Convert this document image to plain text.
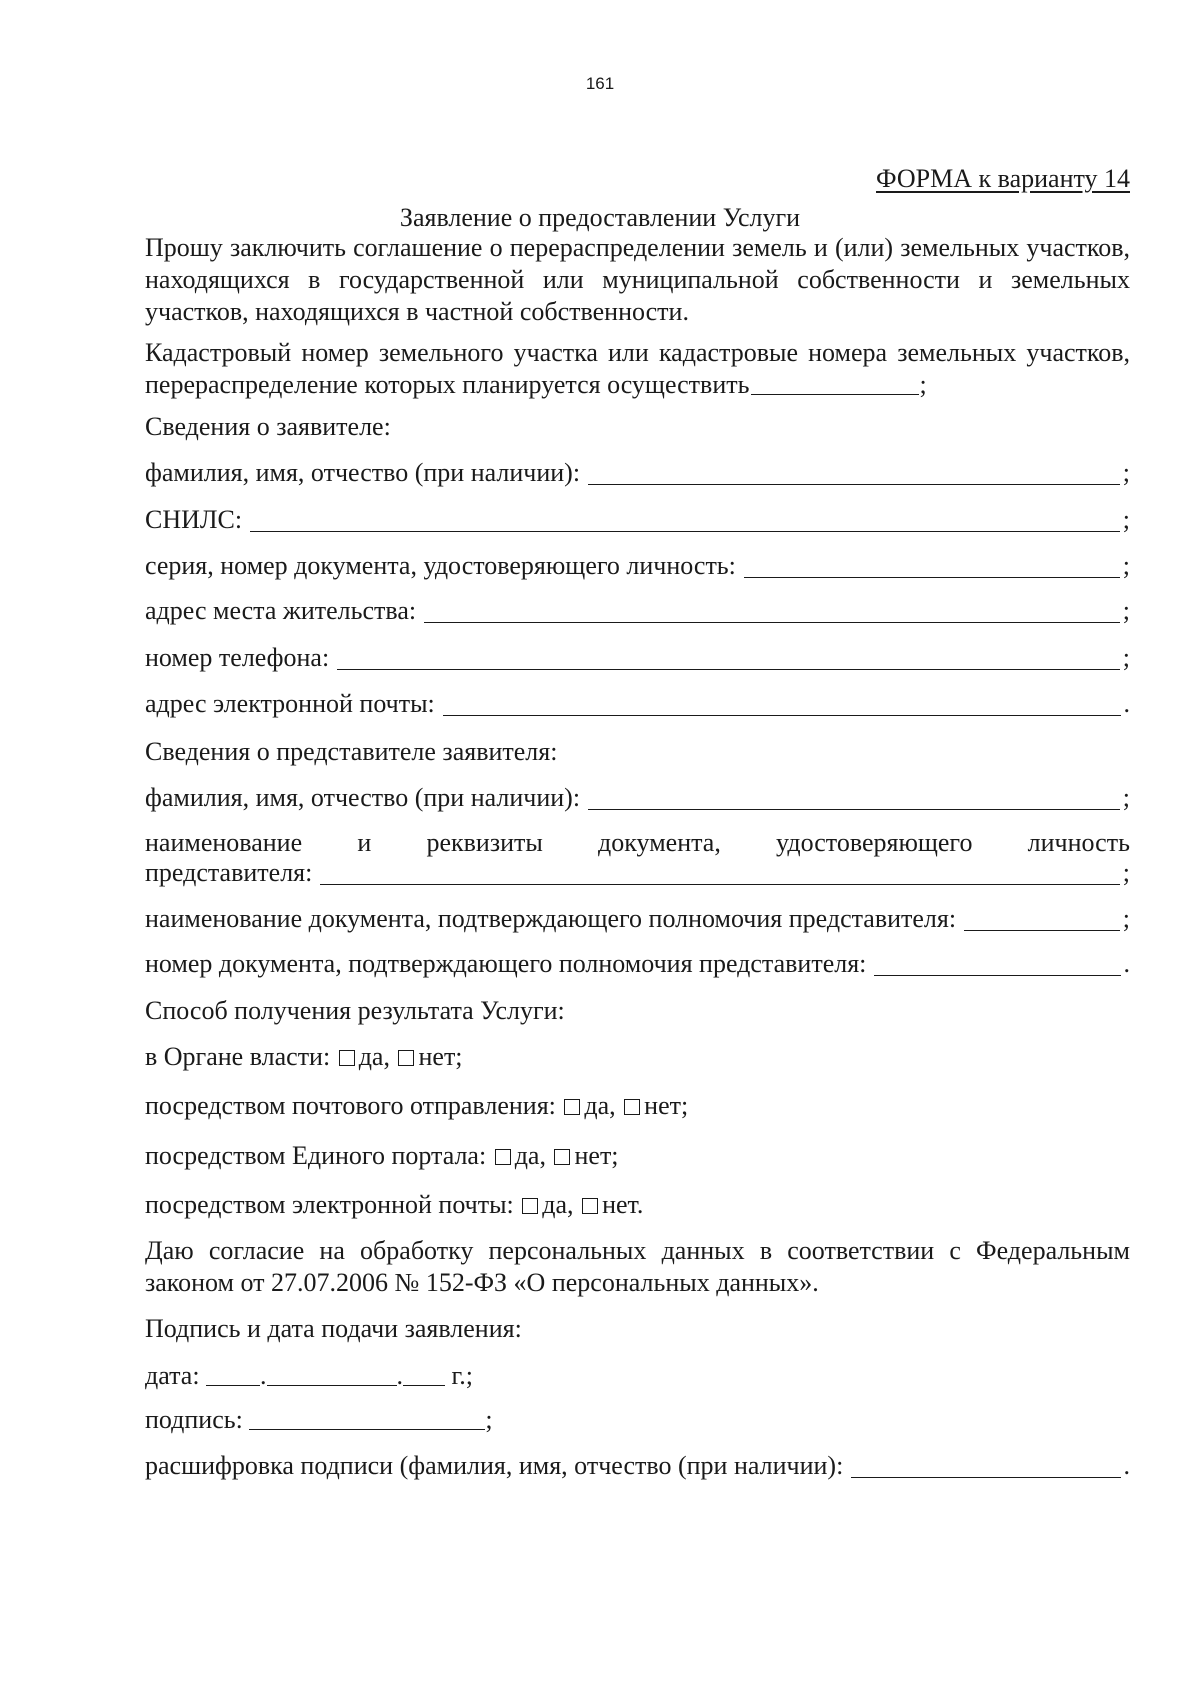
161
ФОРМА к варианту 14
Заявление о предоставлении Услуги
Прошу заключить соглашение о перераспределении земель и (или) земельных участков, находящихся в государственной или муниципальной собственности и земельных участков, находящихся в частной собственности.
Кадастровый номер земельного участка или кадастровые номера земельных участков, перераспределение которых планируется осуществить	;
Сведения о заявителе:
фамилия, имя, отчество (при наличии):	;
СНИЛС:	;
серия, номер документа, удостоверяющего личность:	;
адрес места жительства:	;
номер телефона:	;
адрес электронной почты:	.
Сведения о представителе заявителя:
фамилия, имя, отчество (при наличии):	;
наименование и реквизиты документа, удостоверяющего личность
представителя:	;
наименование документа, подтверждающего полномочия представителя:	;
номер документа, подтверждающего полномочия представителя:	.
Способ получения результата Услуги:
в Органе власти: да, нет;
посредством почтового отправления: да, нет;
посредством Единого портала: да, нет;
посредством электронной почты: да, нет.
Даю согласие на обработку персональных данных в соответствии с Федеральным законом от 27.07.2006 № 152-ФЗ «О персональных данных».
Подпись и дата подачи заявления:
дата: .	. г.;
подпись:	;
расшифровка подписи (фамилия, имя, отчество (при наличии):	.
